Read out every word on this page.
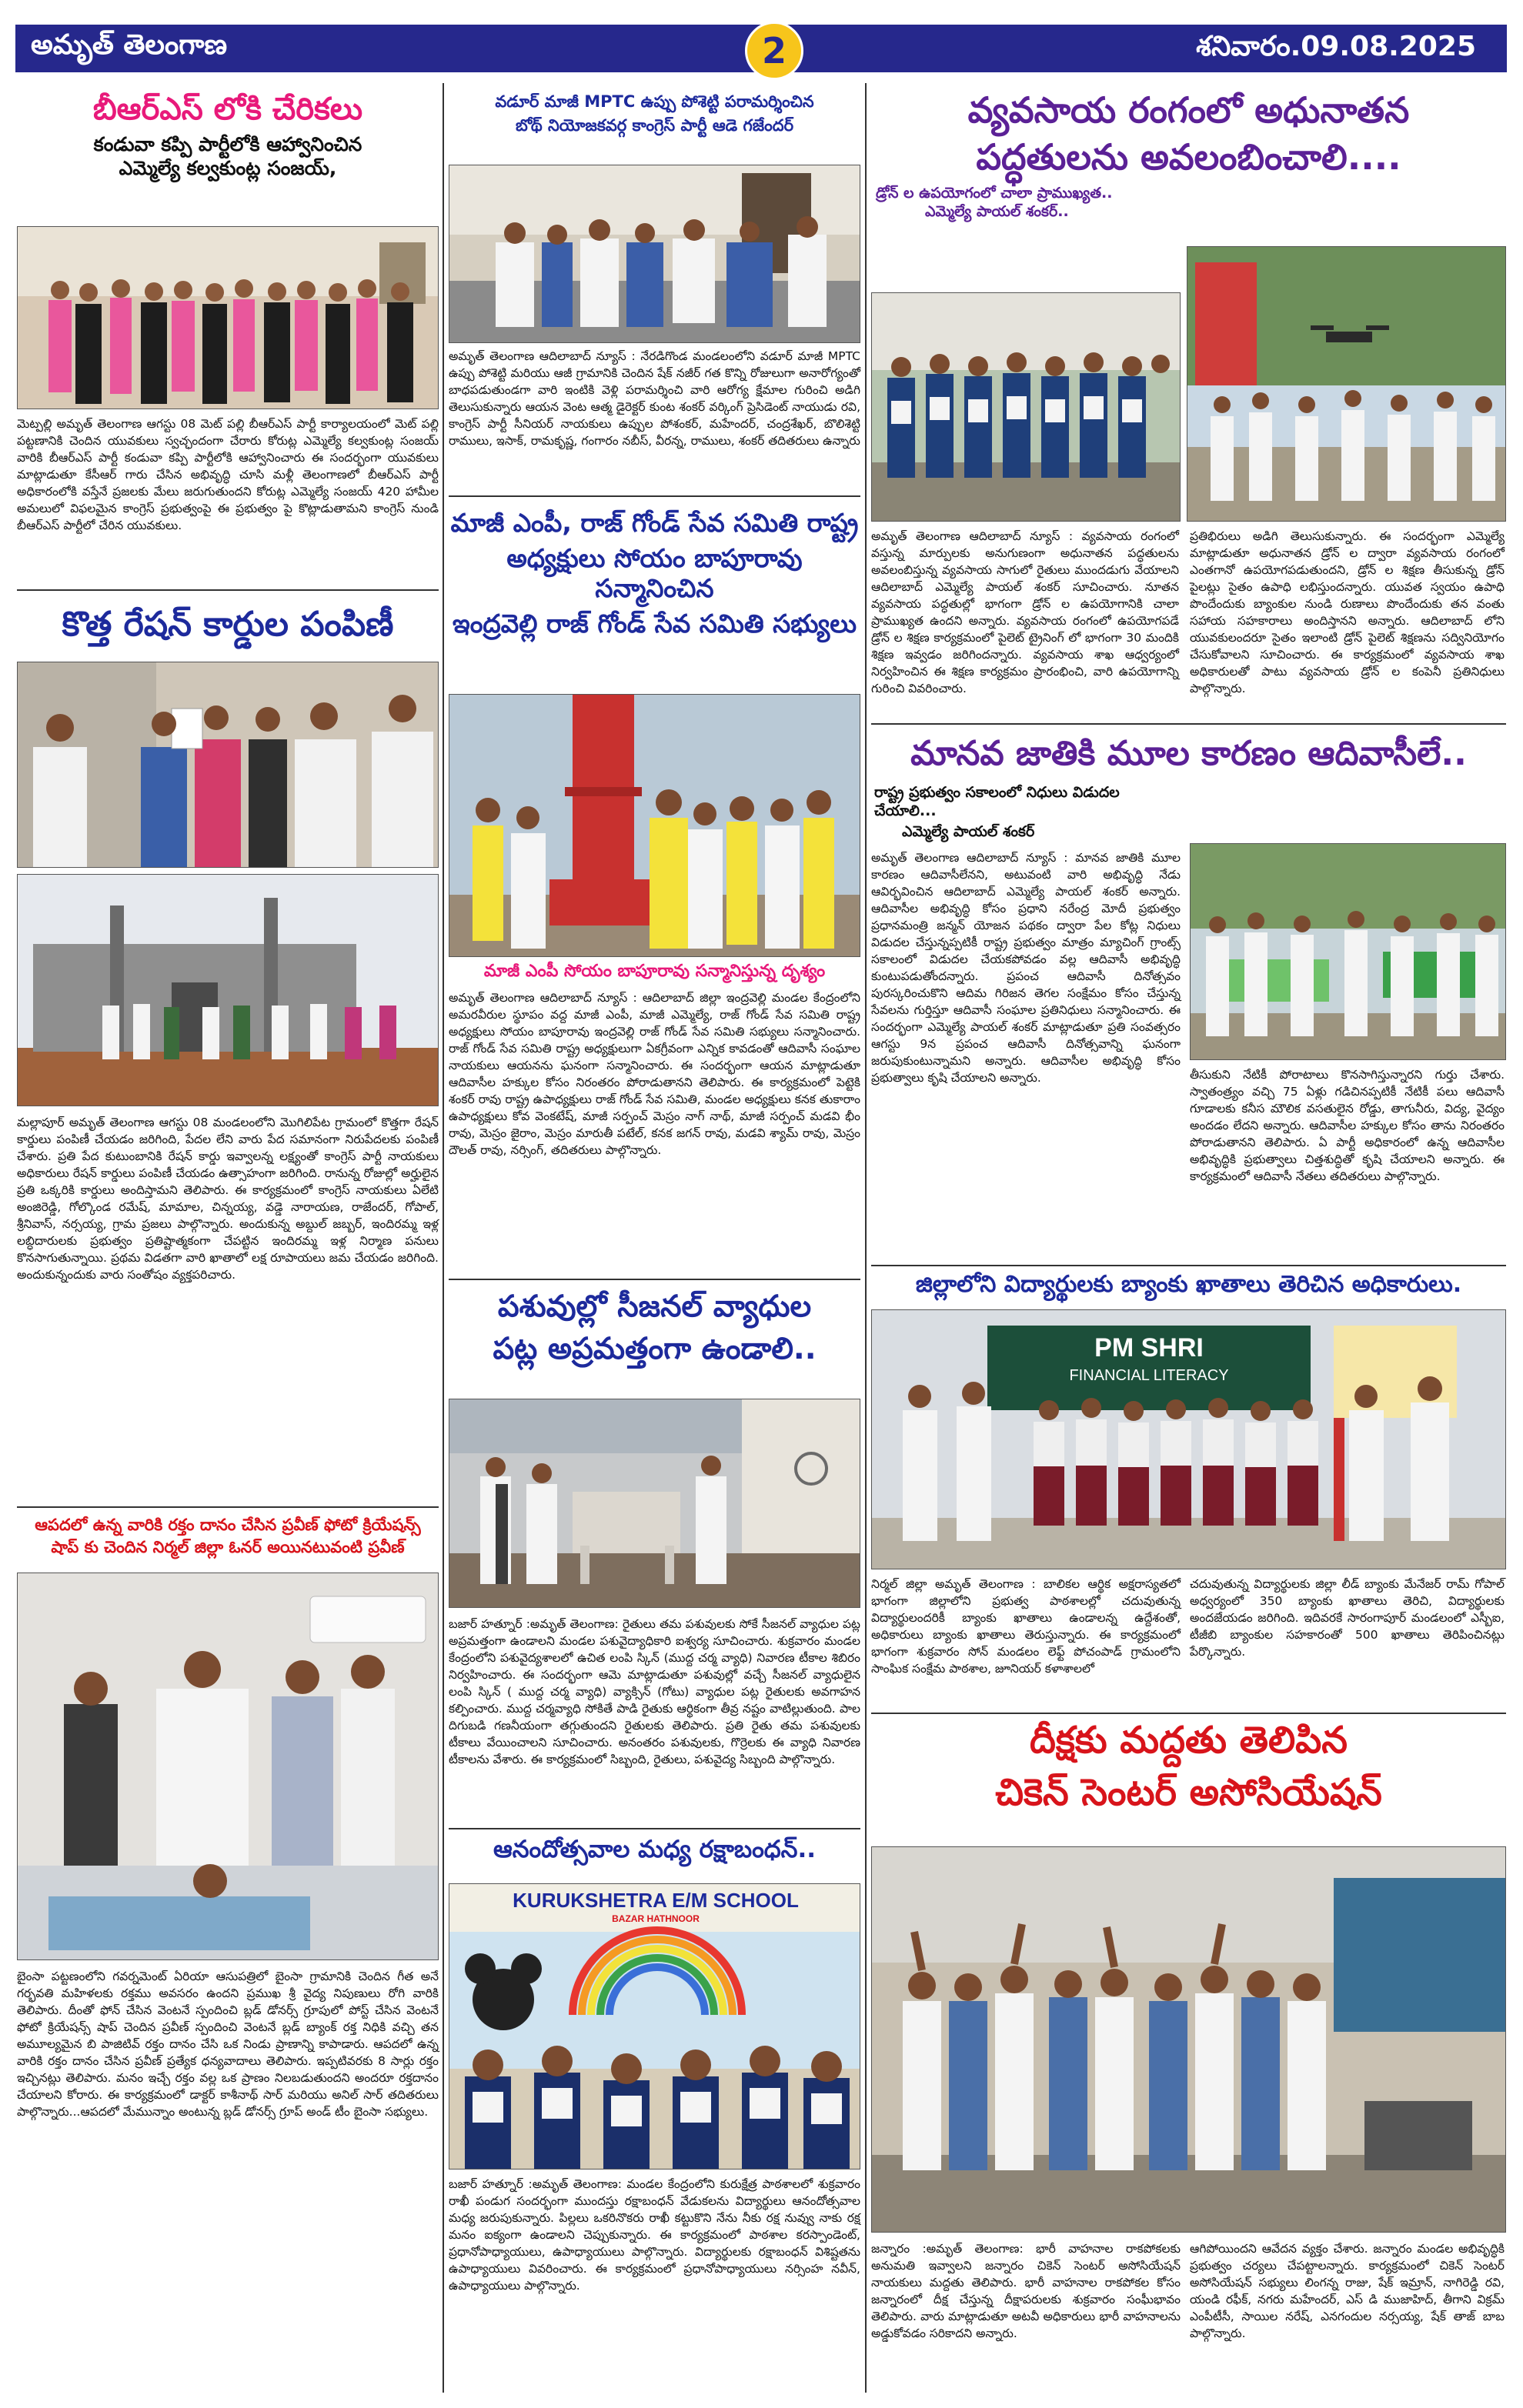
అమృత్ తెలంగాణ	2	శనివారం.09.08.2025
బీఆర్ఎస్ లోకి చేరికలు
కండువా కప్పి పార్టీలోకి ఆహ్వానించిన
ఎమ్మెల్యే కల్వకుంట్ల సంజయ్,
మెట్పల్లి అమృత్ తెలంగాణ ఆగస్టు 08 మెట్ పల్లి బీఆర్ఎస్ పార్టీ కార్యాలయంలో మెట్ పల్లి పట్టణానికి చెందిన యువకులు స్వచ్ఛందంగా చేరారు కోరుట్ల ఎమ్మెల్యే కల్వకుంట్ల సంజయ్ వారికి బీఆర్ఎస్ పార్టీ కండువా కప్పి పార్టీలోకి ఆహ్వానించారు ఈ సందర్భంగా యువకులు మాట్లాడుతూ కేసీఆర్ గారు చేసిన అభివృద్ధి చూసి మళ్లీ తెలంగాణలో బీఆర్ఎస్ పార్టీ అధికారంలోకి వస్తేనే ప్రజలకు మేలు జరుగుతుందని కోరుట్ల ఎమ్మెల్యే సంజయ్ 420 హామీల అమలులో విఫలమైన కాంగ్రెస్ ప్రభుత్వంపై ఈ ప్రభుత్వం పై కొట్లాడుతామని కాంగ్రెస్ నుండి బీఆర్ఎస్ పార్టీలో చేరిన యువకులు.
కొత్త రేషన్ కార్డుల పంపిణీ
మల్లాపూర్ అమృత్ తెలంగాణ ఆగస్టు 08 మండలంలోని మొగిలిపేట గ్రామంలో కొత్తగా రేషన్ కార్డులు పంపిణీ చేయడం జరిగింది, పేదల లేని వారు పేద సమానంగా నిరుపేదలకు పంపిణీ చేశారు. ప్రతి పేద కుటుంబానికి రేషన్ కార్డు ఇవ్వాలన్న లక్ష్యంతో కాంగ్రెస్ పార్టీ నాయకులు అధికారులు రేషన్ కార్డులు పంపిణీ చేయడం ఉత్సాహంగా జరిగింది. రానున్న రోజుల్లో అర్హులైన ప్రతి ఒక్కరికి కార్డులు అందిస్తామని తెలిపారు. ఈ కార్యక్రమంలో కాంగ్రెస్ నాయకులు ఏలేటి అంజిరెడ్డి, గోల్కొండ రమేష్, మామాల, చిన్నయ్య, వడ్డె నారాయణ, రాజేందర్, గోపాల్, శ్రీనివాస్, నర్సయ్య, గ్రామ ప్రజలు పాల్గొన్నారు. అందుకున్న అబ్దుల్ జబ్బర్, ఇందిరమ్మ ఇళ్ల లబ్ధిదారులకు ప్రభుత్వం ప్రతిష్టాత్మకంగా చేపట్టిన ఇందిరమ్మ ఇళ్ల నిర్మాణ పనులు కొనసాగుతున్నాయి. ప్రథమ విడతగా వారి ఖాతాలో లక్ష రూపాయలు జమ చేయడం జరిగింది. అందుకున్నందుకు వారు సంతోషం వ్యక్తపరిచారు.
ఆపదలో ఉన్న వారికి రక్తం దానం చేసిన ప్రవీణ్ ఫోటో క్రియేషన్స్
షాప్ కు చెందిన నిర్మల్ జిల్లా ఓనర్ అయినటువంటి ప్రవీణ్
బైంసా పట్టణంలోని గవర్నమెంట్ ఏరియా ఆసుపత్రిలో బైంసా గ్రామానికి చెందిన గీత అనే గర్భవతి మహిళలకు రక్తము అవసరం ఉందని ప్రముఖ శ్రీ వైద్య నిపుణులు రోగి వారికి తెలిపారు. దీంతో ఫోన్ చేసిన వెంటనే స్పందించి బ్లడ్ డోనర్స్ గ్రూపులో పోస్ట్ చేసిన వెంటనే ఫోటో క్రియేషన్స్ షాప్ చెందిన ప్రవీణ్ స్పందించి వెంటనే బ్లడ్ బ్యాంక్ రక్త నిధికి వచ్చి తన అమూల్యమైన బి పాజిటివ్ రక్తం దానం చేసి ఒక నిండు ప్రాణాన్ని కాపాడారు. ఆపదలో ఉన్న వారికి రక్తం దానం చేసిన ప్రవీణ్ ప్రత్యేక ధన్యవాదాలు తెలిపారు. ఇప్పటివరకు 8 సార్లు రక్తం ఇచ్చినట్లు తెలిపారు. మనం ఇచ్చే రక్తం వల్ల ఒక ప్రాణం నిలబడుతుందని అందరూ రక్తదానం చేయాలని కోరారు. ఈ కార్యక్రమంలో డాక్టర్ కాశీనాథ్ సార్ మరియు అనిల్ సార్ తదితరులు పాల్గొన్నారు...ఆపదలో మేమున్నాం అంటున్న బ్లడ్ డోనర్స్ గ్రూప్ అండ్ టీం బైంసా సభ్యులు.
వడూర్ మాజీ MPTC ఉప్పు పోశెట్టి పరామర్శించిన
బోథ్ నియోజకవర్గ కాంగ్రెస్ పార్టీ ఆడె గజేందర్
అమృత్ తెలంగాణ ఆదిలాబాద్ న్యూస్ : నేరడిగొండ మండలంలోని వడూర్ మాజీ MPTC ఉప్పు పోశెట్టి మరియు ఆజీ గ్రామానికి చెందిన షేక్ నజీర్ గత కొన్ని రోజులుగా అనారోగ్యంతో బాధపడుతుండగా వారి ఇంటికి వెళ్లి పరామర్శించి వారి ఆరోగ్య క్షేమాల గురించి అడిగి తెలుసుకున్నారు ఆయన వెంట ఆత్మ డైరెక్టర్ కుంట శంకర్ వర్కింగ్ ప్రెసిడెంట్ నాయుడు రవి, కాంగ్రెస్ పార్టీ సీనియర్ నాయకులు ఉప్పుల పోశంకర్, మహేందర్, చంద్రశేఖర్, బొలిశెట్టి రాములు, ఇసాక్, రామకృష్ణ, గంగారం నబీస్, వీరన్న, రాములు, శంకర్ తదితరులు ఉన్నారు
మాజీ ఎంపీ, రాజ్ గోండ్ సేవ సమితి రాష్ట్ర
అధ్యక్షులు సోయం బాపూరావు సన్మానించిన
ఇంద్రవెల్లి రాజ్ గోండ్ సేవ సమితి సభ్యులు
మాజీ ఎంపీ సోయం బాపూరావు సన్మానిస్తున్న దృశ్యం
అమృత్ తెలంగాణ ఆదిలాబాద్ న్యూస్ : ఆదిలాబాద్ జిల్లా ఇంద్రవెల్లి మండల కేంద్రంలోని అమరవీరుల స్థూపం వద్ద మాజీ ఎంపీ, మాజీ ఎమ్మెల్యే, రాజ్ గోండ్ సేవ సమితి రాష్ట్ర అధ్యక్షులు సోయం బాపూరావు ఇంద్రవెల్లి రాజ్ గోండ్ సేవ సమితి సభ్యులు సన్మానించారు. రాజ్ గోండ్ సేవ సమితి రాష్ట్ర అధ్యక్షులుగా ఏకగ్రీవంగా ఎన్నిక కావడంతో ఆదివాసీ సంఘాల నాయకులు ఆయనను ఘనంగా సన్మానించారు. ఈ సందర్భంగా ఆయన మాట్లాడుతూ ఆదివాసీల హక్కుల కోసం నిరంతరం పోరాడుతానని తెలిపారు. ఈ కార్యక్రమంలో పెట్టెకి శంకర్ రావు రాష్ట్ర ఉపాధ్యక్షులు రాజ్ గోండ్ సేవ సమితి, మండల అధ్యక్షులు కనక తుకారాం ఉపాధ్యక్షులు కోవ వెంకటేష్, మాజీ సర్పంచ్ మెస్రం నాగ్ నాథ్, మాజీ సర్పంచ్ మడవి భీం రావు, మెస్రం జైరాం, మెస్రం మారుతీ పటేల్, కనక జగన్ రావు, మడవి శ్యామ్ రావు, మెస్రం దౌలత్ రావు, నర్సింగ్, తదితరులు పాల్గొన్నారు.
పశువుల్లో సీజనల్ వ్యాధుల
పట్ల అప్రమత్తంగా ఉండాలి..
బజార్ హత్నూర్ :అమృత్ తెలంగాణ: రైతులు తమ పశువులకు సోకే సీజనల్ వ్యాధుల పట్ల అప్రమత్తంగా ఉండాలని మండల పశువైద్యాధికారి ఐశ్వర్య సూచించారు. శుక్రవారం మండల కేంద్రంలోని పశువైద్యశాలలో ఉచిత లంపి స్కిన్ (ముద్ద చర్మ వ్యాధి) నివారణ టీకాల శిబిరం నిర్వహించారు. ఈ సందర్భంగా ఆమె మాట్లాడుతూ పశువుల్లో వచ్చే సీజనల్ వ్యాధులైన లంపి స్కిన్ ( ముద్ద చర్మ వ్యాధి) వ్యాక్సిన్ (గోటు) వ్యాధుల పట్ల రైతులకు అవగాహన కల్పించారు. ముద్ద చర్మవ్యాధి సోకితే పాడి రైతుకు ఆర్థికంగా తీవ్ర నష్టం వాటిల్లుతుంది. పాల దిగుబడి గణనీయంగా తగ్గుతుందని రైతులకు తెలిపారు. ప్రతి రైతు తమ పశువులకు టీకాలు వేయించాలని సూచించారు. అనంతరం పశువులకు, గొర్రెలకు ఈ వ్యాధి నివారణ టీకాలను వేశారు. ఈ కార్యక్రమంలో సిబ్బంది, రైతులు, పశువైద్య సిబ్బంది పాల్గొన్నారు.
ఆనందోత్సవాల మధ్య రక్షాబంధన్..
KURUKSHETRA E/M SCHOOL
BAZAR HATHNOOR
బజార్ హత్నూర్ :అమృత్ తెలంగాణ: మండల కేంద్రంలోని కురుక్షేత్ర పాఠశాలలో శుక్రవారం రాఖీ పండుగ సందర్భంగా ముందస్తు రక్షాబంధన్ వేడుకలను విద్యార్థులు ఆనందోత్సవాల మధ్య జరుపుకున్నారు. పిల్లలు ఒకరినొకరు రాఖీ కట్టుకొని నేను నీకు రక్ష నువ్వు నాకు రక్ష మనం ఐక్యంగా ఉండాలని చెప్పుకున్నారు. ఈ కార్యక్రమంలో పాఠశాల కరస్పాండెంట్, ప్రధానోపాధ్యాయులు, ఉపాధ్యాయులు పాల్గొన్నారు. విద్యార్థులకు రక్షాబంధన్ విశిష్టతను ఉపాధ్యాయులు వివరించారు. ఈ కార్యక్రమంలో ప్రధానోపాధ్యాయులు నర్సింహ నవీన్, ఉపాధ్యాయులు పాల్గొన్నారు.
వ్యవసాయ రంగంలో అధునాతన
పద్ధతులను అవలంబించాలి....
డ్రోన్ ల ఉపయోగంలో చాలా ప్రాముఖ్యత..
ఎమ్మెల్యే పాయల్ శంకర్..
అమృత్ తెలంగాణ ఆదిలాబాద్ న్యూస్ : వ్యవసాయ రంగంలో వస్తున్న మార్పులకు అనుగుణంగా అధునాతన పద్ధతులను అవలంబిస్తున్న వ్యవసాయ సాగులో రైతులు ముందడుగు వేయాలని ఆదిలాబాద్ ఎమ్మెల్యే పాయల్ శంకర్ సూచించారు. నూతన వ్యవసాయ పద్ధతుల్లో భాగంగా డ్రోన్ ల ఉపయోగానికి చాలా ప్రాముఖ్యత ఉందని అన్నారు. వ్యవసాయ రంగంలో ఉపయోగపడే డ్రోన్ ల శిక్షణ కార్యక్రమంలో పైలెట్ ట్రైనింగ్ లో భాగంగా 30 మందికి శిక్షణ ఇవ్వడం జరిగిందన్నారు. వ్యవసాయ శాఖ ఆధ్వర్యంలో నిర్వహించిన ఈ శిక్షణ కార్యక్రమం ప్రారంభించి, వారి ఉపయోగాన్ని గురించి వివరించారు.
ప్రతిభిరులు అడిగి తెలుసుకున్నారు. ఈ సందర్భంగా ఎమ్మెల్యే మాట్లాడుతూ అధునాతన డ్రోన్ ల ద్వారా వ్యవసాయ రంగంలో ఎంతగానో ఉపయోగపడుతుందని, డ్రోన్ ల శిక్షణ తీసుకున్న డ్రోన్ పైలట్లు సైతం ఉపాధి లభిస్తుందన్నారు. యువత స్వయం ఉపాధి పొందేందుకు బ్యాంకుల నుండి రుణాలు పొందేందుకు తన వంతు సహాయ సహకారాలు అందిస్తానని అన్నారు. ఆదిలాబాద్ లోని యువకులందరూ సైతం ఇలాంటి డ్రోన్ పైలెట్ శిక్షణను సద్వినియోగం చేసుకోవాలని సూచించారు. ఈ కార్యక్రమంలో వ్యవసాయ శాఖ అధికారులతో పాటు వ్యవసాయ డ్రోన్ ల కంపెనీ ప్రతినిధులు పాల్గొన్నారు.
మానవ జాతికి మూల కారణం ఆదివాసీలే..
రాష్ట్ర ప్రభుత్వం సకాలంలో నిధులు విడుదల చేయాలి...
ఎమ్మెల్యే పాయల్ శంకర్
అమృత్ తెలంగాణ ఆదిలాబాద్ న్యూస్ : మానవ జాతికి మూల కారణం ఆదివాసీలేనని, అటువంటి వారి అభివృద్ధి నేడు ఆవిర్భవించిన ఆదిలాబాద్ ఎమ్మెల్యే పాయల్ శంకర్ అన్నారు. ఆదివాసీల అభివృద్ధి కోసం ప్రధాని నరేంద్ర మోదీ ప్రభుత్వం ప్రధానమంత్రి జన్మన్ యోజన పథకం ద్వారా పేల కోట్ల నిధులు విడుదల చేస్తున్నప్పటికీ రాష్ట్ర ప్రభుత్వం మాత్రం మ్యాచింగ్ గ్రాంట్స్ సకాలంలో విడుదల చేయకపోవడం వల్ల ఆదివాసీ అభివృద్ధి కుంటుపడుతోందన్నారు. ప్రపంచ ఆదివాసీ దినోత్సవం పురస్కరించుకొని ఆదిమ గిరిజన తెగల సంక్షేమం కోసం చేస్తున్న సేవలను గుర్తిస్తూ ఆదివాసీ సంఘాల ప్రతినిధులు సన్మానించారు. ఈ సందర్భంగా ఎమ్మెల్యే పాయల్ శంకర్ మాట్లాడుతూ ప్రతి సంవత్సరం ఆగస్టు 9న ప్రపంచ ఆదివాసీ దినోత్సవాన్ని ఘనంగా జరుపుకుంటున్నామని అన్నారు. ఆదివాసీల అభివృద్ధి కోసం ప్రభుత్వాలు కృషి చేయాలని అన్నారు.	తీసుకుని నేటికీ పోరాటాలు కొనసాగిస్తున్నారని గుర్తు చేశారు. స్వాతంత్ర్యం వచ్చి 75 ఏళ్లు గడిచినప్పటికీ నేటికీ పలు ఆదివాసీ గూడాలకు కనీస మౌలిక వసతులైన రోడ్డు, తాగునీరు, విద్య, వైద్యం అందడం లేదని అన్నారు. ఆదివాసీల హక్కుల కోసం తాను నిరంతరం పోరాడుతానని తెలిపారు. ఏ పార్టీ అధికారంలో ఉన్న ఆదివాసీల అభివృద్ధికి ప్రభుత్వాలు చిత్తశుద్ధితో కృషి చేయాలని అన్నారు. ఈ కార్యక్రమంలో ఆదివాసీ నేతలు తదితరులు పాల్గొన్నారు.
జిల్లాలోని విద్యార్థులకు బ్యాంకు ఖాతాలు తెరిచిన అధికారులు.
PM SHRI
FINANCIAL LITERACY
నిర్మల్ జిల్లా అమృత్ తెలంగాణ : బాలికల ఆర్థిక అక్షరాస్యతలో భాగంగా జిల్లాలోని ప్రభుత్వ పాఠశాలల్లో చదువుతున్న విద్యార్థులందరికీ బ్యాంకు ఖాతాలు ఉండాలన్న ఉద్దేశంతో, అధికారులు బ్యాంకు ఖాతాలు తెరుస్తున్నారు. ఈ కార్యక్రమంలో భాగంగా శుక్రవారం సోన్ మండలం లెఫ్ట్ పోచంపాడ్ గ్రామంలోని సాంఘిక సంక్షేమ పాఠశాల, జూనియర్ కళాశాలలో
చదువుతున్న విద్యార్థులకు జిల్లా లీడ్ బ్యాంకు మేనేజర్ రామ్ గోపాల్ అధ్వర్యంలో 350 బ్యాంకు ఖాతాలు తెరిచి, విద్యార్థులకు అందజేయడం జరిగింది. ఇదివరకే సారంగాపూర్ మండలంలో ఎస్బీఐ, టీజీబి బ్యాంకుల సహకారంతో 500 ఖాతాలు తెరిపించినట్లు పేర్కొన్నారు.
దీక్షకు మద్దతు తెలిపిన
చికెన్ సెంటర్ అసోసియేషన్
జన్నారం :అమృత్ తెలంగాణ: భారీ వాహనాల రాకపోకలకు అనుమతి ఇవ్వాలని జన్నారం చికెన్ సెంటర్ అసోసియేషన్ నాయకులు మద్దతు తెలిపారు. భారీ వాహనాల రాకపోకల కోసం జన్నారంలో దీక్ష చేస్తున్న దీక్షాపరులకు శుక్రవారం సంఘీభావం తెలిపారు. వారు మాట్లాడుతూ అటవీ అధికారులు భారీ వాహనాలను అడ్డుకోవడం సరికాదని అన్నారు.
ఆగిపోయిందని ఆవేదన వ్యక్తం చేశారు. జన్నారం మండల అభివృద్ధికి ప్రభుత్వం చర్యలు చేపట్టాలన్నారు. కార్యక్రమంలో చికెన్ సెంటర్ అసోసియేషన్ సభ్యులు లింగన్న రాజు, షేక్ ఇమ్రాన్, నాగిరెడ్డి రవి, యండి రఫీక్, నగరు మహేందర్, ఎస్ డి ముజాహిద్, తీగాని విక్రమ్ ఎంపీటీసీ, సాయిల నరేష్, ఎనగందుల నర్సయ్య, షేక్ తాజ్ బాబ పాల్గొన్నారు.
